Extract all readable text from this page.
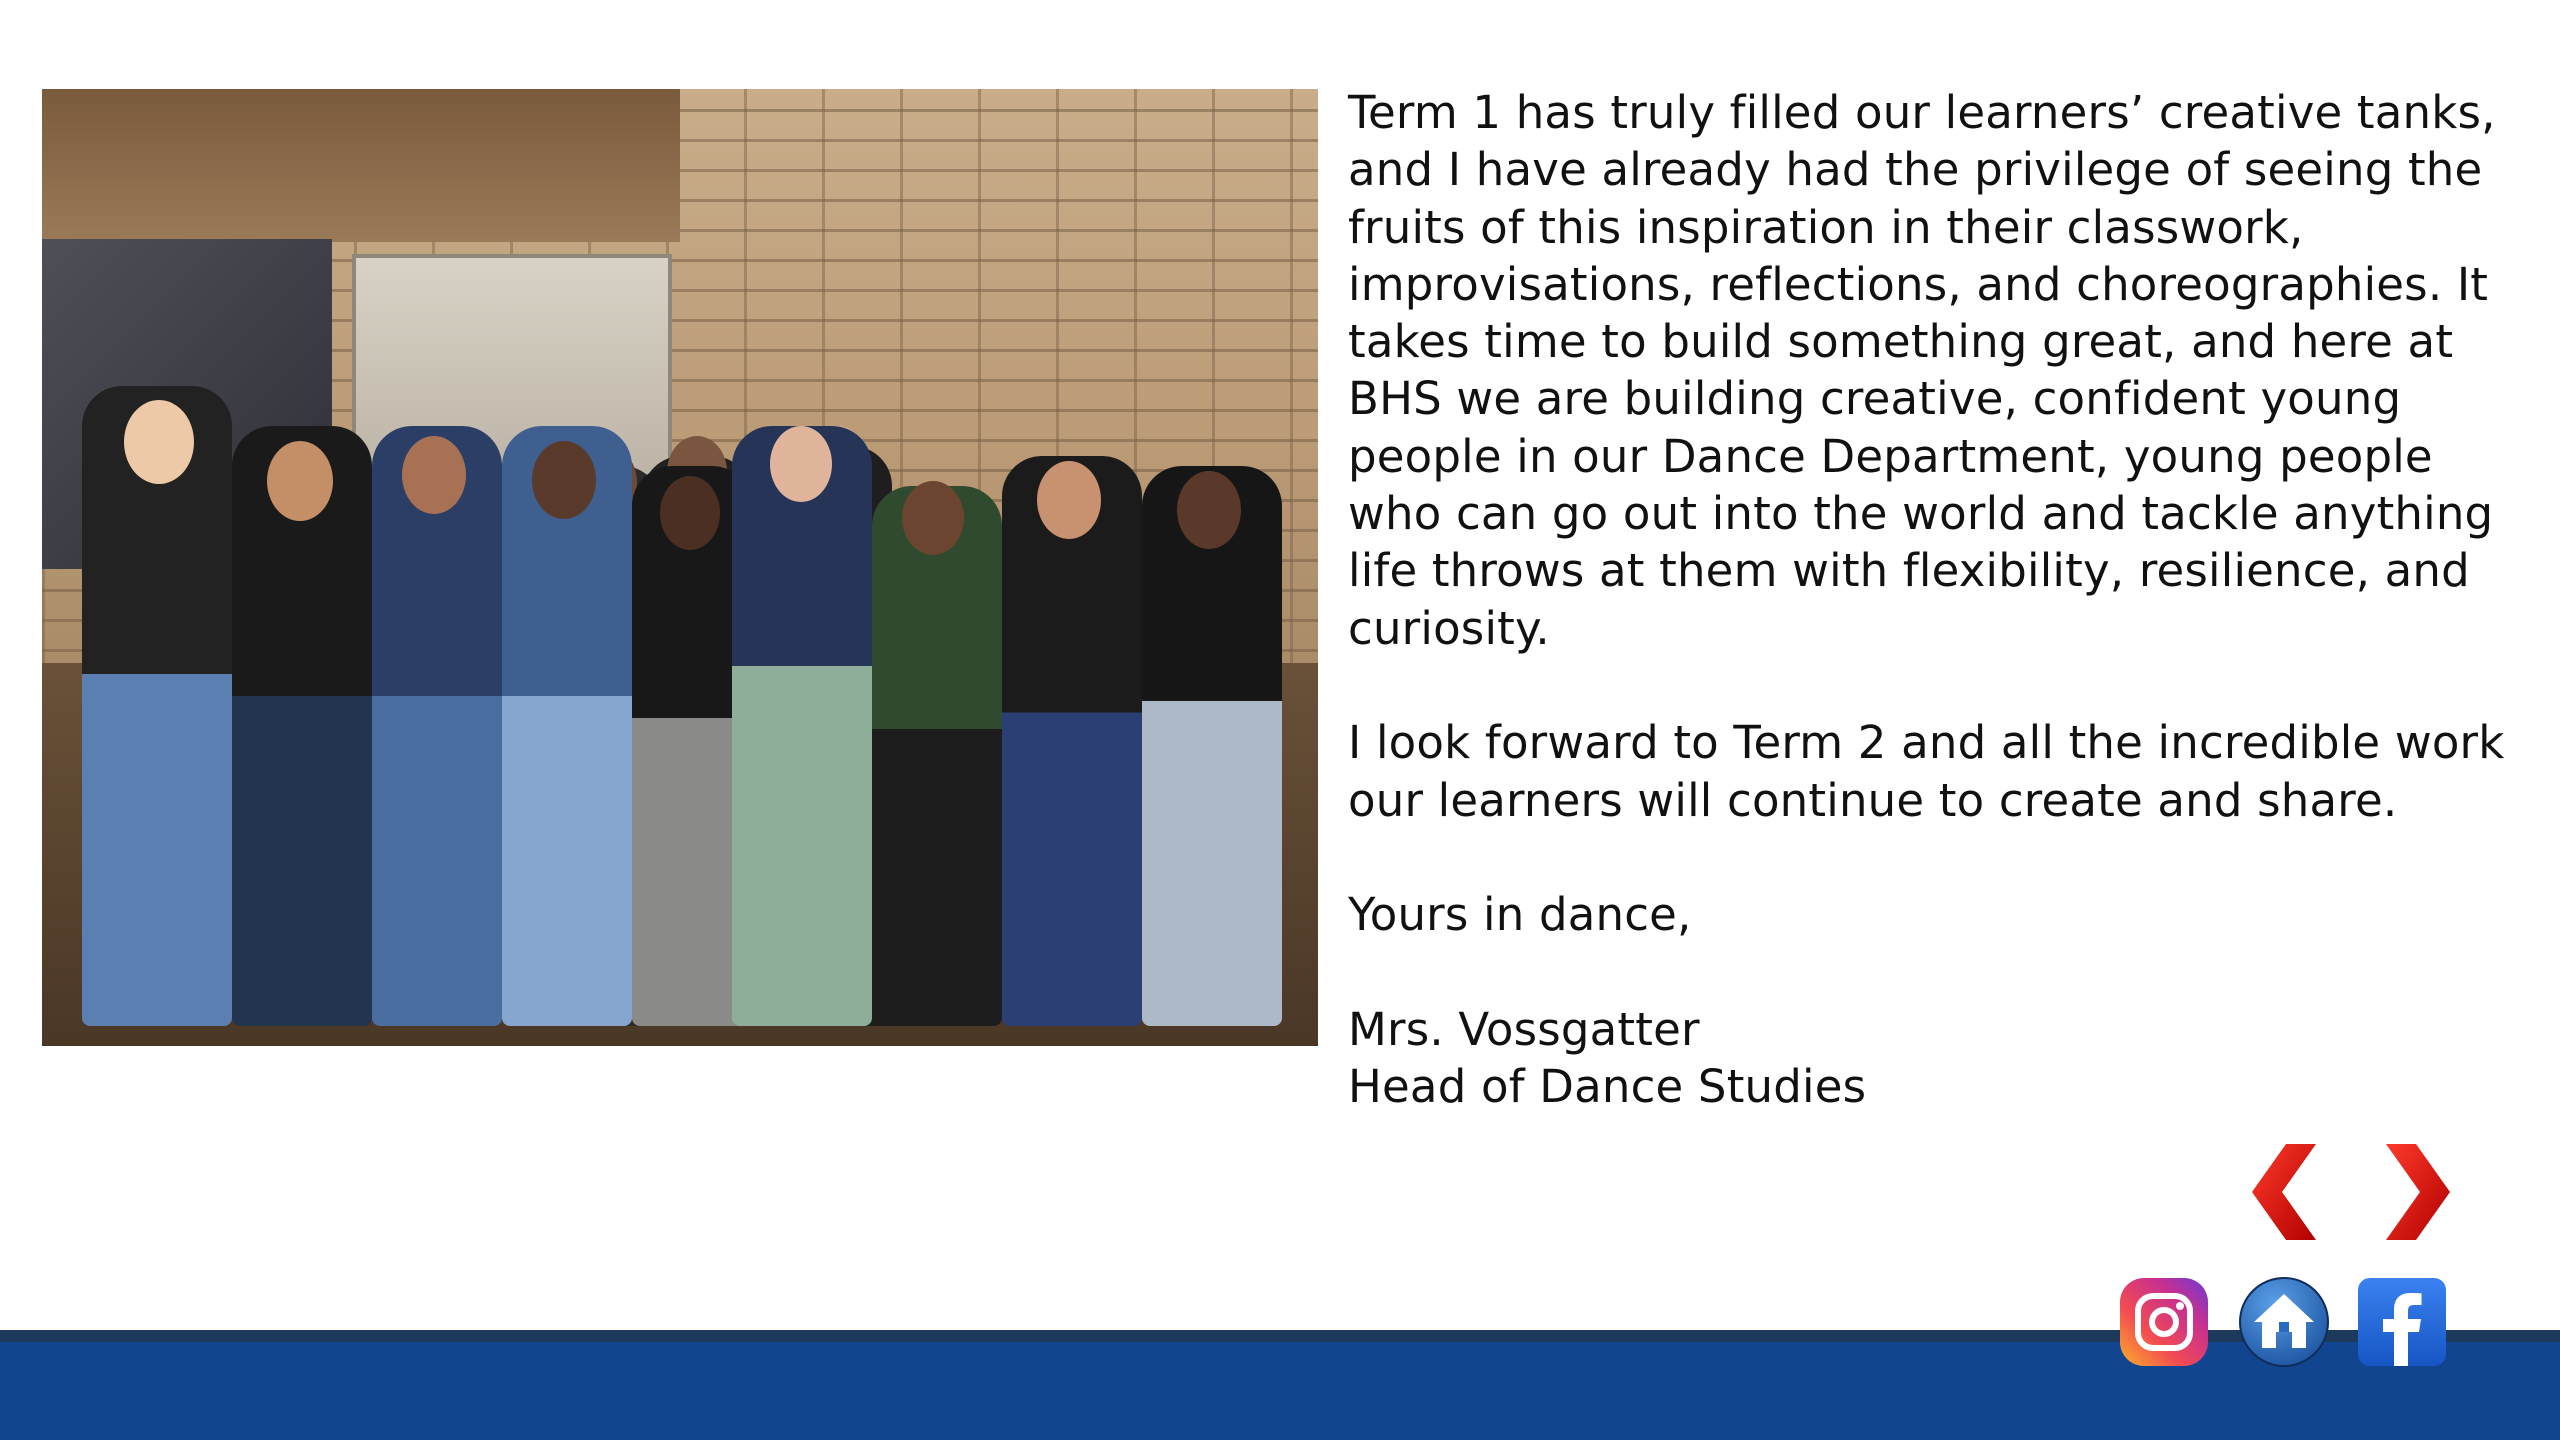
Term 1 has truly filled our learners’ creative tanks, and I have already had the privilege of seeing the fruits of this inspiration in their classwork, improvisations, reflections, and choreographies. It takes time to build something great, and here at BHS we are building creative, confident young people in our Dance Department, young people who can go out into the world and tackle anything life throws at them with flexibility, resilience, and curiosity.

I look forward to Term 2 and all the incredible work our learners will continue to create and share.

Yours in dance,

Mrs. Vossgatter

Head of Dance Studies
